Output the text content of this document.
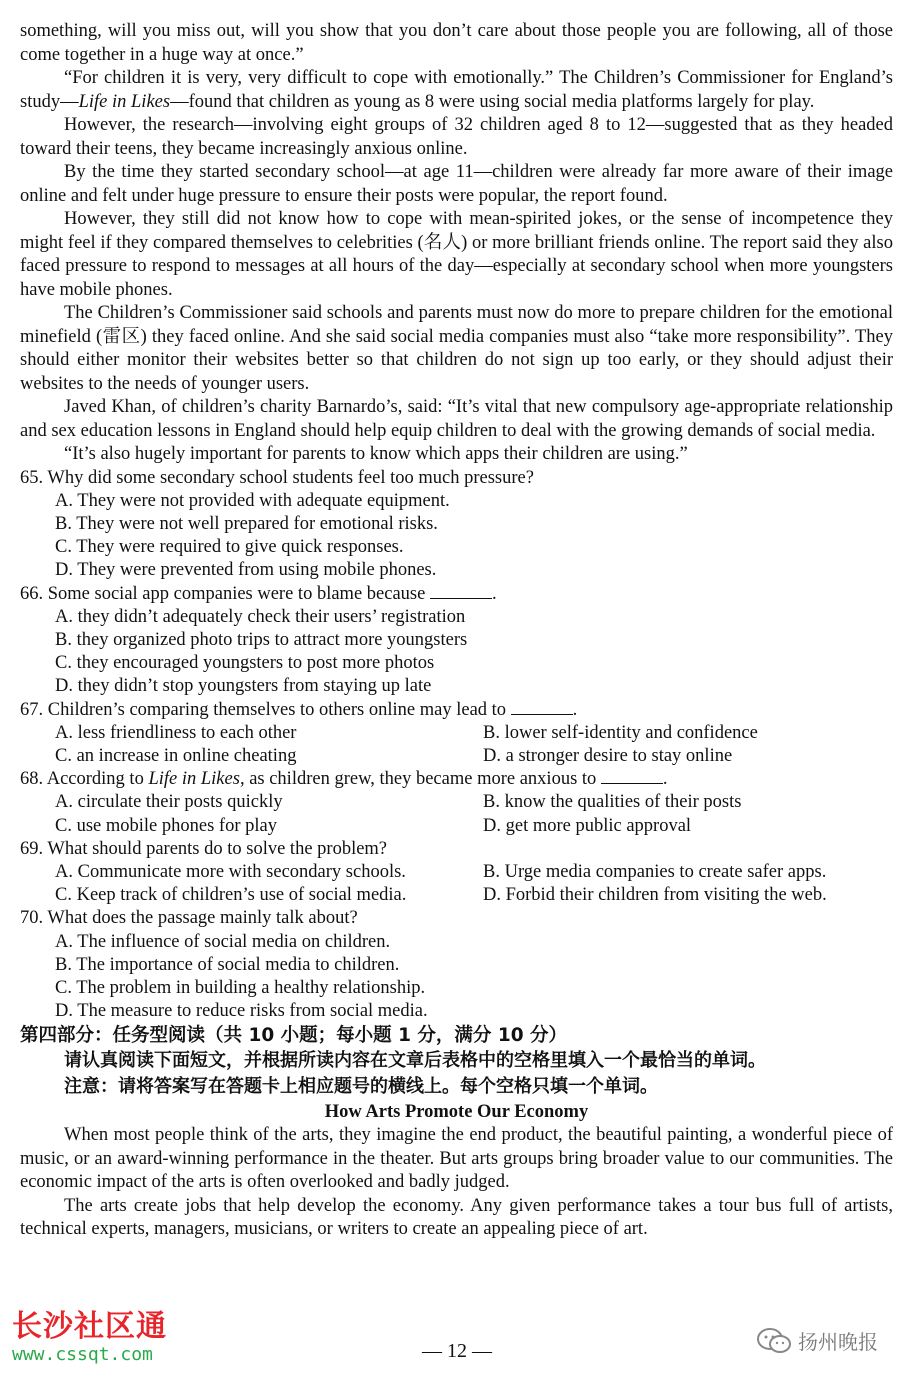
something, will you miss out, will you show that you don’t care about those people you are following, all of those come together in a huge way at once.”

“For children it is very, very difficult to cope with emotionally.” The Children’s Commissioner for England’s study—Life in Likes—found that children as young as 8 were using social media platforms largely for play.

However, the research—involving eight groups of 32 children aged 8 to 12—suggested that as they headed toward their teens, they became increasingly anxious online.

By the time they started secondary school—at age 11—children were already far more aware of their image online and felt under huge pressure to ensure their posts were popular, the report found.

However, they still did not know how to cope with mean-spirited jokes, or the sense of incompetence they might feel if they compared themselves to celebrities (名人) or more brilliant friends online. The report said they also faced pressure to respond to messages at all hours of the day—especially at secondary school when more youngsters have mobile phones.

The Children’s Commissioner said schools and parents must now do more to prepare children for the emotional minefield (雷区) they faced online. And she said social media companies must also “take more responsibility”. They should either monitor their websites better so that children do not sign up too early, or they should adjust their websites to the needs of younger users.

Javed Khan, of children’s charity Barnardo’s, said: “It’s vital that new compulsory age-appropriate relationship and sex education lessons in England should help equip children to deal with the growing demands of social media.

“It’s also hugely important for parents to know which apps their children are using.”

65. Why did some secondary school students feel too much pressure?

A. They were not provided with adequate equipment.

B. They were not well prepared for emotional risks.

C. They were required to give quick responses.

D. They were prevented from using mobile phones.

66. Some social app companies were to blame because	.

A. they didn’t adequately check their users’ registration

B. they organized photo trips to attract more youngsters

C. they encouraged youngsters to post more photos

D. they didn’t stop youngsters from staying up late

67. Children’s comparing themselves to others online may lead to	.

A. less friendliness to each other	B. lower self-identity and confidence
C. an increase in online cheating	D. a stronger desire to stay online

68. According to Life in Likes, as children grew, they became more anxious to	.

A. circulate their posts quickly	B. know the qualities of their posts
C. use mobile phones for play	D. get more public approval

69. What should parents do to solve the problem?

A. Communicate more with secondary schools.	B. Urge media companies to create safer apps.
C. Keep track of children’s use of social media.	D. Forbid their children from visiting the web.

70. What does the passage mainly talk about?

A. The influence of social media on children.

B. The importance of social media to children.

C. The problem in building a healthy relationship.

D. The measure to reduce risks from social media.

第四部分：任务型阅读（共 10 小题；每小题 1 分，满分 10 分）

请认真阅读下面短文，并根据所读内容在文章后表格中的空格里填入一个最恰当的单词。

注意：请将答案写在答题卡上相应题号的横线上。每个空格只填一个单词。

How Arts Promote Our Economy

When most people think of the arts, they imagine the end product, the beautiful painting, a wonderful piece of music, or an award-winning performance in the theater. But arts groups bring broader value to our communities. The economic impact of the arts is often overlooked and badly judged.

The arts create jobs that help develop the economy. Any given performance takes a tour bus full of artists, technical experts, managers, musicians, or writers to create an appealing piece of art.

长沙社区通
www.cssqt.com	— 12 —	扬州晚报
